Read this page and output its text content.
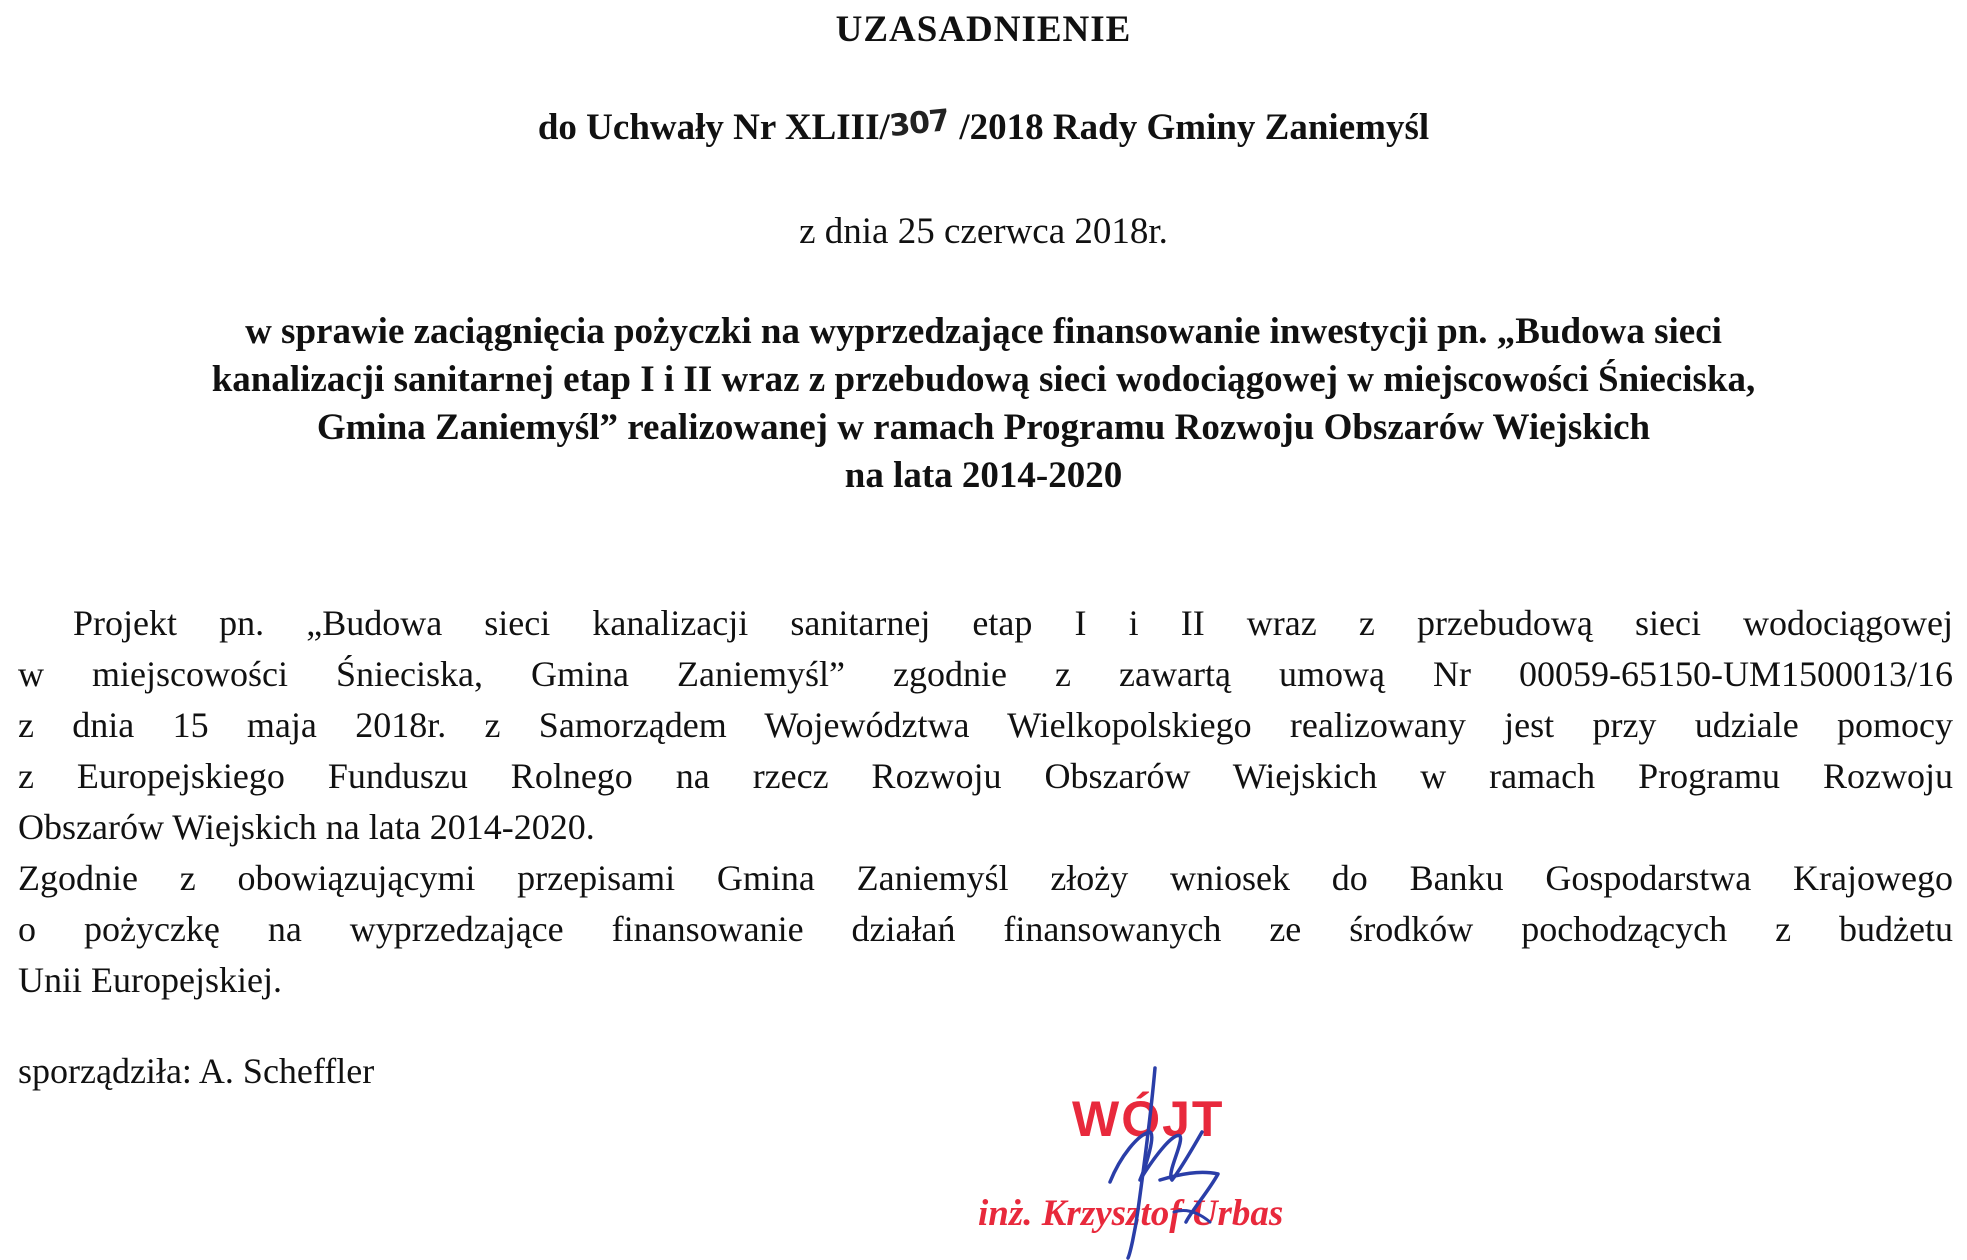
UZASADNIENIE

do Uchwały Nr XLIII/307 /2018 Rady Gminy Zaniemyśl

z dnia 25 czerwca 2018r.

w sprawie zaciągnięcia pożyczki na wyprzedzające finansowanie inwestycji pn. „Budowa sieci
kanalizacji sanitarnej etap I i II wraz z przebudową sieci wodociągowej w miejscowości Śnieciska,
Gmina Zaniemyśl” realizowanej w ramach Programu Rozwoju Obszarów Wiejskich
na lata 2014-2020

Projekt pn. „Budowa sieci kanalizacji sanitarnej etap I i II wraz z przebudową sieci wodociągowej
w miejscowości Śnieciska, Gmina Zaniemyśl” zgodnie z zawartą umową Nr 00059-65150-UM1500013/16
z dnia 15 maja 2018r. z Samorządem Województwa Wielkopolskiego realizowany jest przy udziale pomocy
z Europejskiego Funduszu Rolnego na rzecz Rozwoju Obszarów Wiejskich w ramach Programu Rozwoju
Obszarów Wiejskich na lata 2014-2020.
Zgodnie z obowiązującymi przepisami Gmina Zaniemyśl złoży wniosek do Banku Gospodarstwa Krajowego
o pożyczkę na wyprzedzające finansowanie działań finansowanych ze środków pochodzących z budżetu
Unii Europejskiej.

sporządziła: A. Scheffler

WÓJT
inż. Krzysztof Urbas
